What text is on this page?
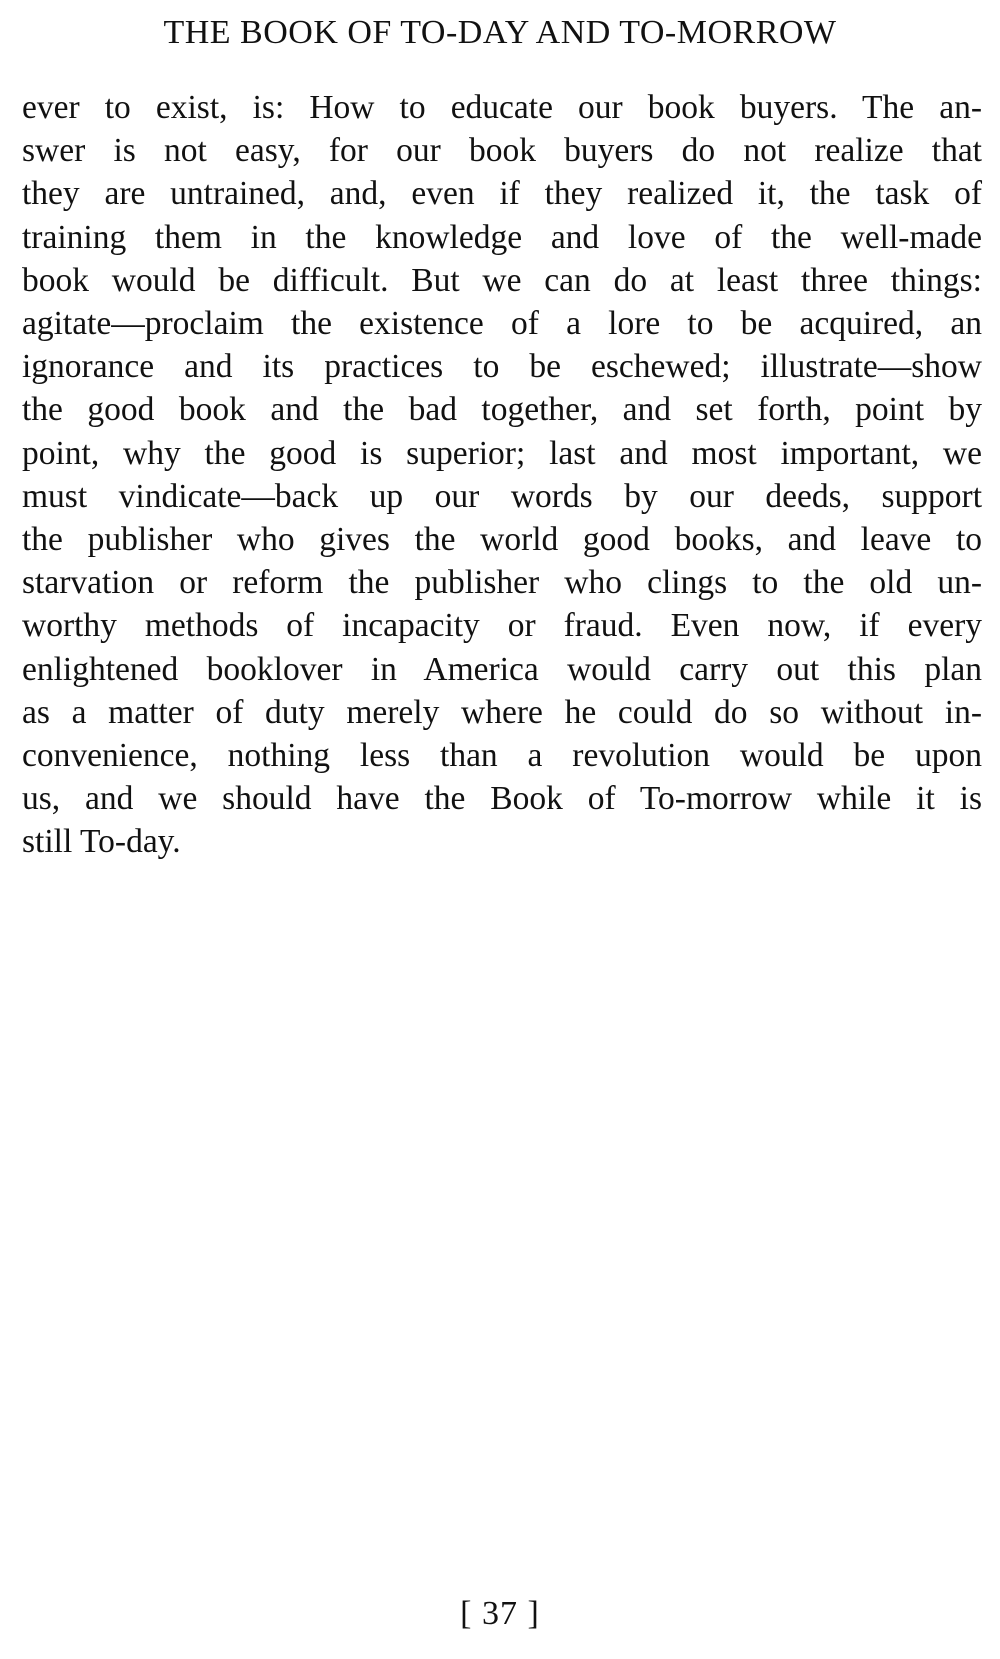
THE BOOK OF TO-DAY AND TO-MORROW
ever to exist, is: How to educate our book buyers. The an-
swer is not easy, for our book buyers do not realize that
they are untrained, and, even if they realized it, the task of
training them in the knowledge and love of the well-made
book would be difficult. But we can do at least three things:
agitate—proclaim the existence of a lore to be acquired, an
ignorance and its practices to be eschewed; illustrate—show
the good book and the bad together, and set forth, point by
point, why the good is superior; last and most important, we
must vindicate—back up our words by our deeds, support
the publisher who gives the world good books, and leave to
starvation or reform the publisher who clings to the old un-
worthy methods of incapacity or fraud. Even now, if every
enlightened booklover in America would carry out this plan
as a matter of duty merely where he could do so without in-
convenience, nothing less than a revolution would be upon
us, and we should have the Book of To-morrow while it is
still To-day.
[ 37 ]
